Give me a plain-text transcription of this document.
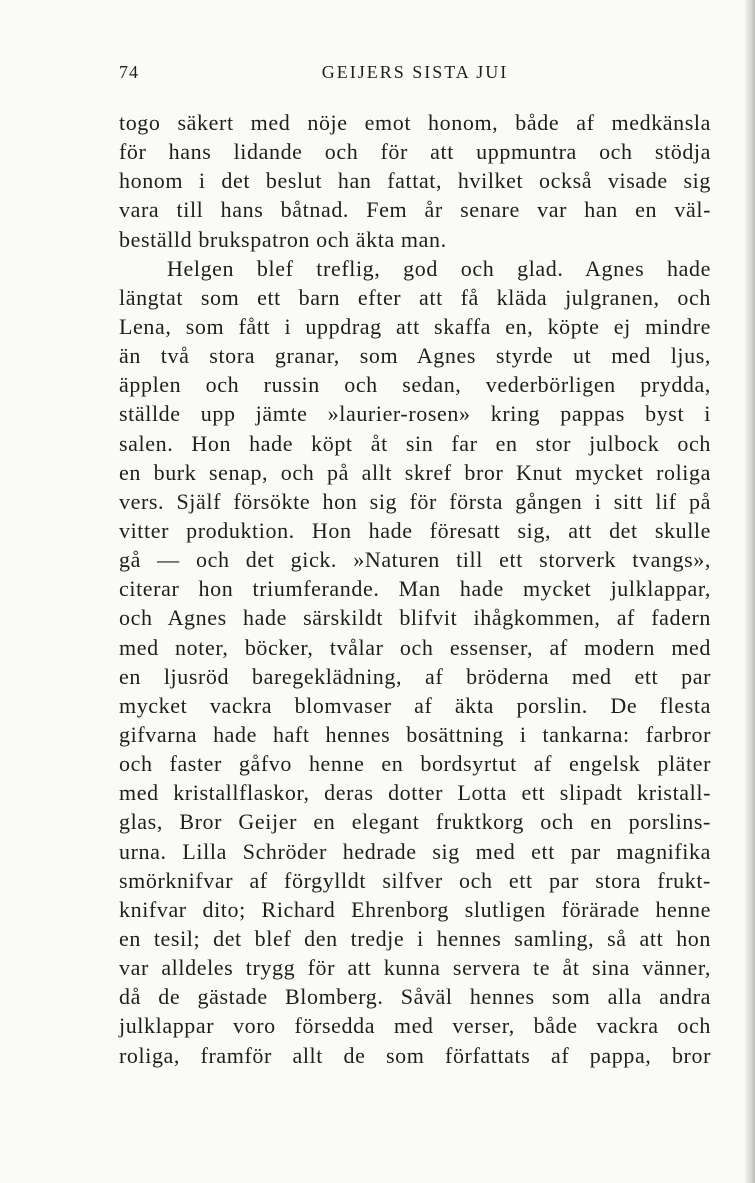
74	GEIJERS SISTA JUI
togo säkert med nöje emot honom, både af medkänsla
för hans lidande och för att uppmuntra och stödja
honom i det beslut han fattat, hvilket också visade sig
vara till hans båtnad. Fem år senare var han en väl-
beställd brukspatron och äkta man.
Helgen blef treflig, god och glad. Agnes hade
längtat som ett barn efter att få kläda julgranen, och
Lena, som fått i uppdrag att skaffa en, köpte ej mindre
än två stora granar, som Agnes styrde ut med ljus,
äpplen och russin och sedan, vederbörligen prydda,
ställde upp jämte »laurier-rosen» kring pappas byst i
salen. Hon hade köpt åt sin far en stor julbock och
en burk senap, och på allt skref bror Knut mycket roliga
vers. Själf försökte hon sig för första gången i sitt lif på
vitter produktion. Hon hade föresatt sig, att det skulle
gå — och det gick. »Naturen till ett storverk tvangs»,
citerar hon triumferande. Man hade mycket julklappar,
och Agnes hade särskildt blifvit ihågkommen, af fadern
med noter, böcker, tvålar och essenser, af modern med
en ljusröd baregeklädning, af bröderna med ett par
mycket vackra blomvaser af äkta porslin. De flesta
gifvarna hade haft hennes bosättning i tankarna: farbror
och faster gåfvo henne en bordsyrtut af engelsk pläter
med kristallflaskor, deras dotter Lotta ett slipadt kristall-
glas, Bror Geijer en elegant fruktkorg och en porslins-
urna. Lilla Schröder hedrade sig med ett par magnifika
smörknifvar af förgylldt silfver och ett par stora frukt-
knifvar dito; Richard Ehrenborg slutligen förärade henne
en tesil; det blef den tredje i hennes samling, så att hon
var alldeles trygg för att kunna servera te åt sina vänner,
då de gästade Blomberg. Såväl hennes som alla andra
julklappar voro försedda med verser, både vackra och
roliga, framför allt de som författats af pappa, bror
